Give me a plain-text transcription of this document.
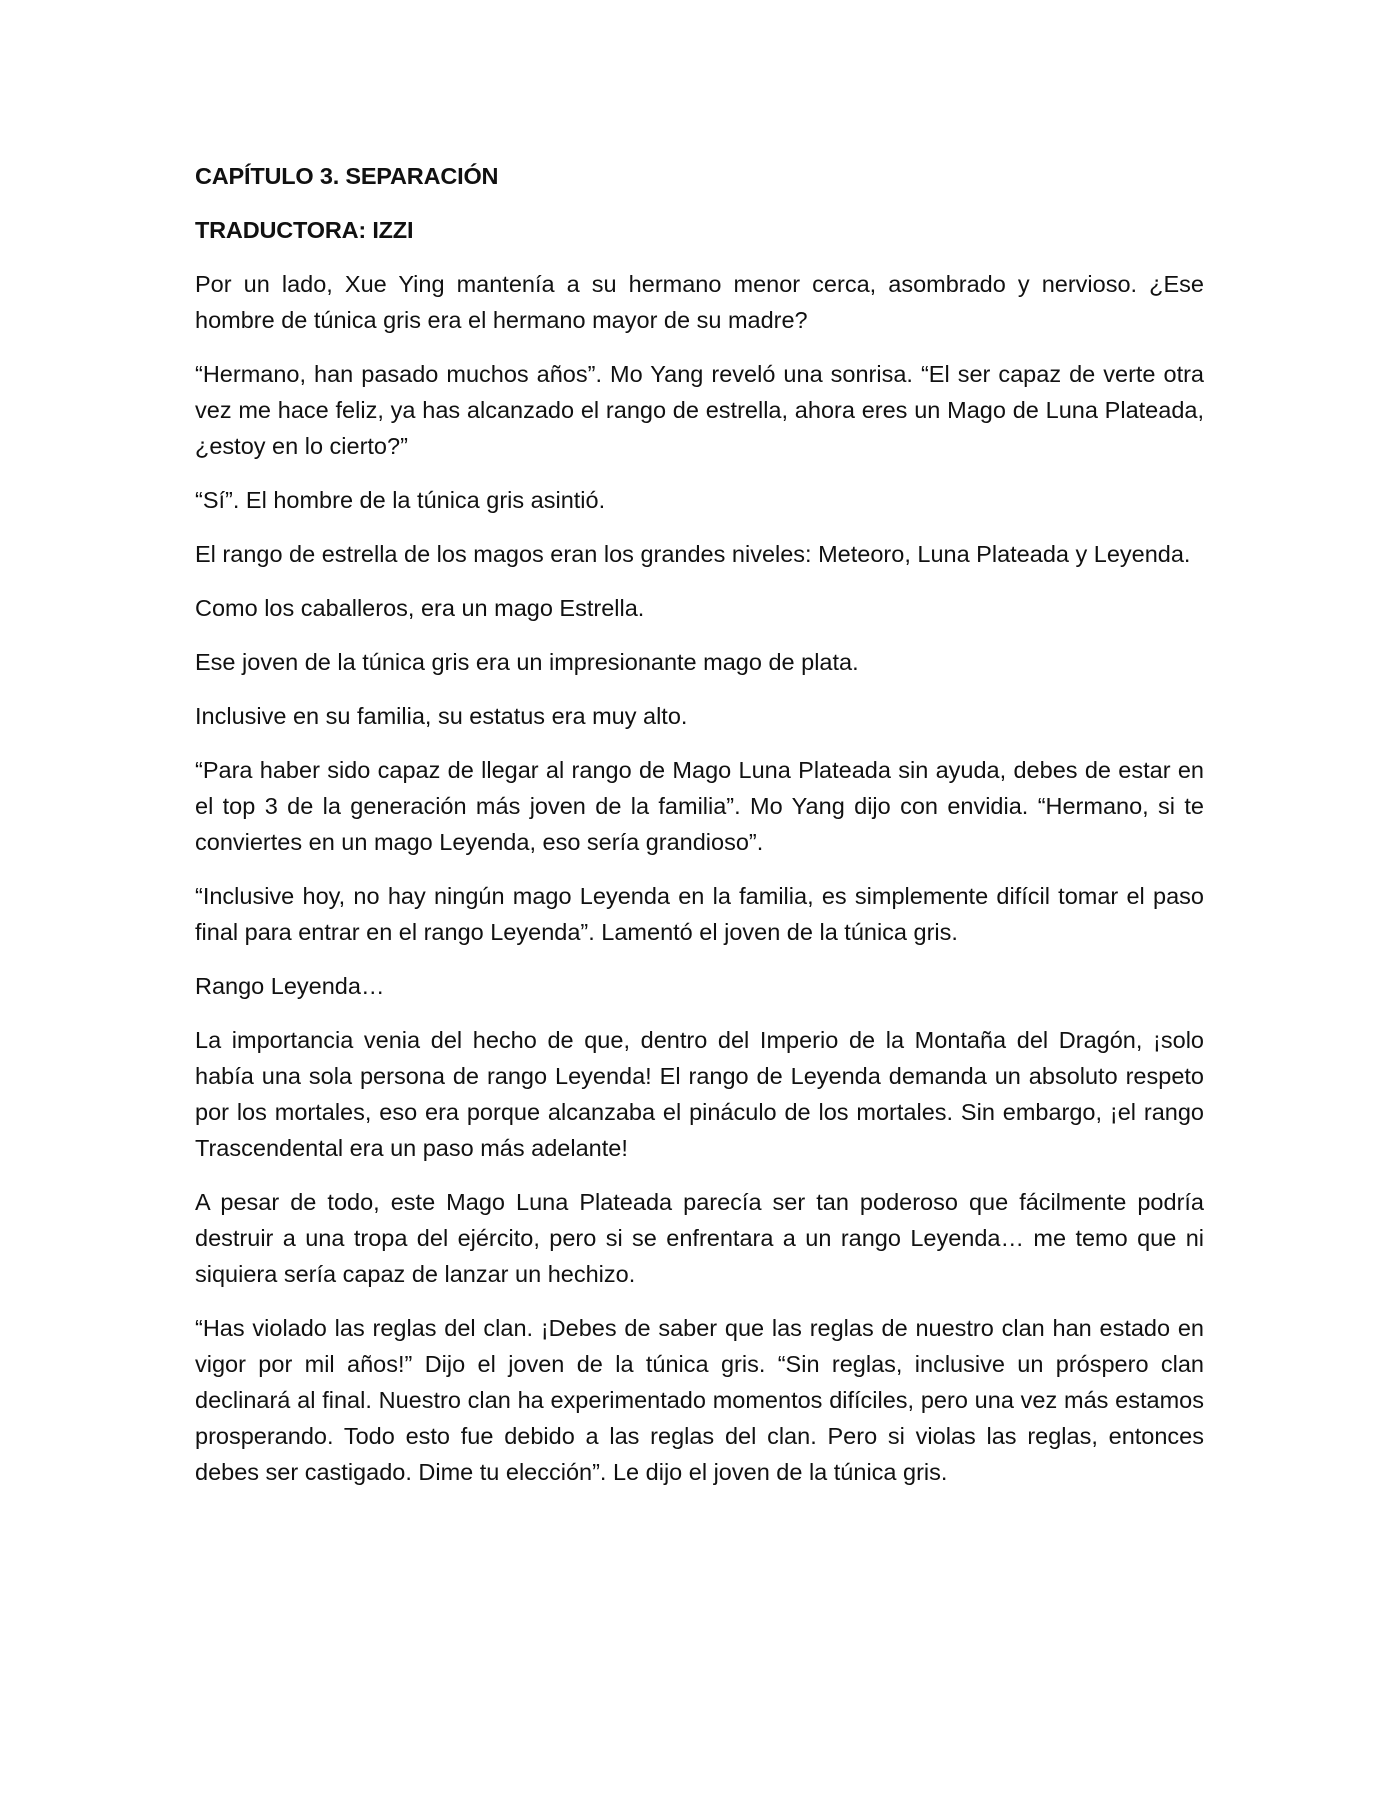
CAPÍTULO 3. SEPARACIÓN
TRADUCTORA: IZZI

Por un lado, Xue Ying mantenía a su hermano menor cerca, asombrado y nervioso. ¿Ese hombre de túnica gris era el hermano mayor de su madre?

“Hermano, han pasado muchos años”. Mo Yang reveló una sonrisa. “El ser capaz de verte otra vez me hace feliz, ya has alcanzado el rango de estrella, ahora eres un Mago de Luna Plateada, ¿estoy en lo cierto?”

“Sí”. El hombre de la túnica gris asintió.

El rango de estrella de los magos eran los grandes niveles: Meteoro, Luna Plateada y Leyenda.

Como los caballeros, era un mago Estrella.

Ese joven de la túnica gris era un impresionante mago de plata.

Inclusive en su familia, su estatus era muy alto.

“Para haber sido capaz de llegar al rango de Mago Luna Plateada sin ayuda, debes de estar en el top 3 de la generación más joven de la familia”. Mo Yang dijo con envidia. “Hermano, si te conviertes en un mago Leyenda, eso sería grandioso”.

“Inclusive hoy, no hay ningún mago Leyenda en la familia, es simplemente difícil tomar el paso final para entrar en el rango Leyenda”. Lamentó el joven de la túnica gris.

Rango Leyenda…

La importancia venia del hecho de que, dentro del Imperio de la Montaña del Dragón, ¡solo había una sola persona de rango Leyenda! El rango de Leyenda demanda un absoluto respeto por los mortales, eso era porque alcanzaba el pináculo de los mortales. Sin embargo, ¡el rango Trascendental era un paso más adelante!

A pesar de todo, este Mago Luna Plateada parecía ser tan poderoso que fácilmente podría destruir a una tropa del ejército, pero si se enfrentara a un rango Leyenda… me temo que ni siquiera sería capaz de lanzar un hechizo.

“Has violado las reglas del clan. ¡Debes de saber que las reglas de nuestro clan han estado en vigor por mil años!” Dijo el joven de la túnica gris. “Sin reglas, inclusive un próspero clan declinará al final. Nuestro clan ha experimentado momentos difíciles, pero una vez más estamos prosperando. Todo esto fue debido a las reglas del clan. Pero si violas las reglas, entonces debes ser castigado. Dime tu elección”. Le dijo el joven de la túnica gris.
